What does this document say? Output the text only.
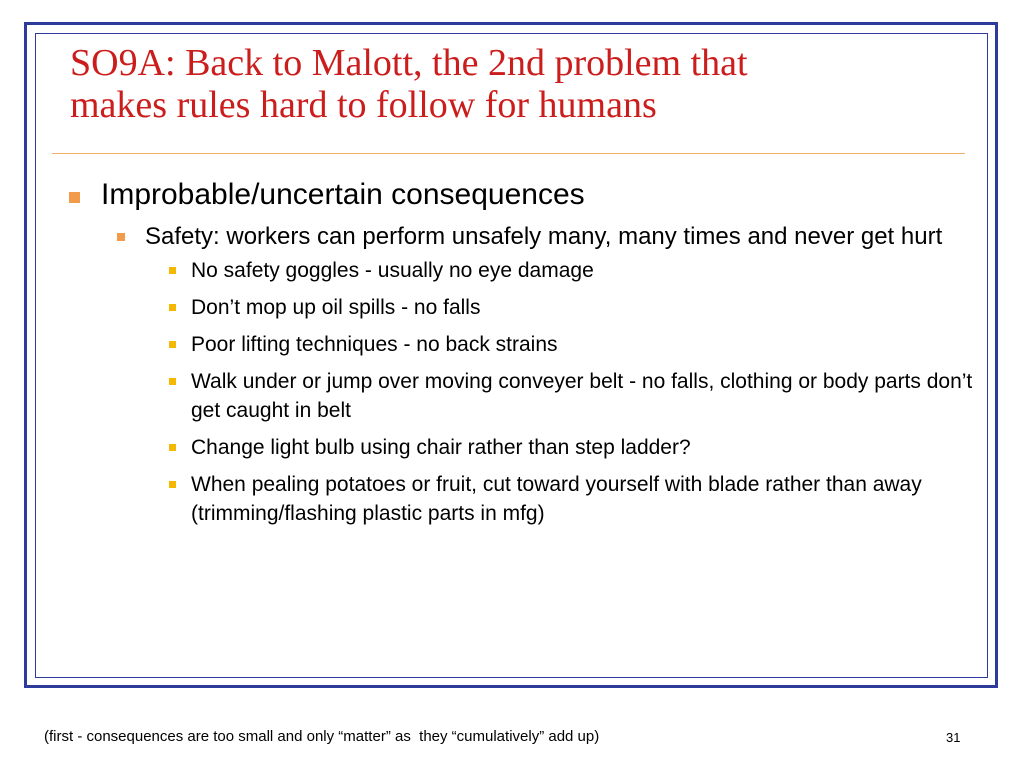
SO9A: Back to Malott, the 2nd problem that
makes rules hard to follow for humans
Improbable/uncertain consequences
Safety: workers can perform unsafely many, many times and never get hurt
No safety goggles - usually no eye damage
Don’t mop up oil spills - no falls
Poor lifting techniques - no back strains
Walk under or jump over moving conveyer belt - no falls, clothing or body parts don’t get caught in belt
Change light bulb using chair rather than step ladder?
When pealing potatoes or fruit, cut toward yourself with blade rather than away (trimming/flashing plastic parts in mfg)
(first - consequences are too small and only “matter” as  they “cumulatively” add up)	31
